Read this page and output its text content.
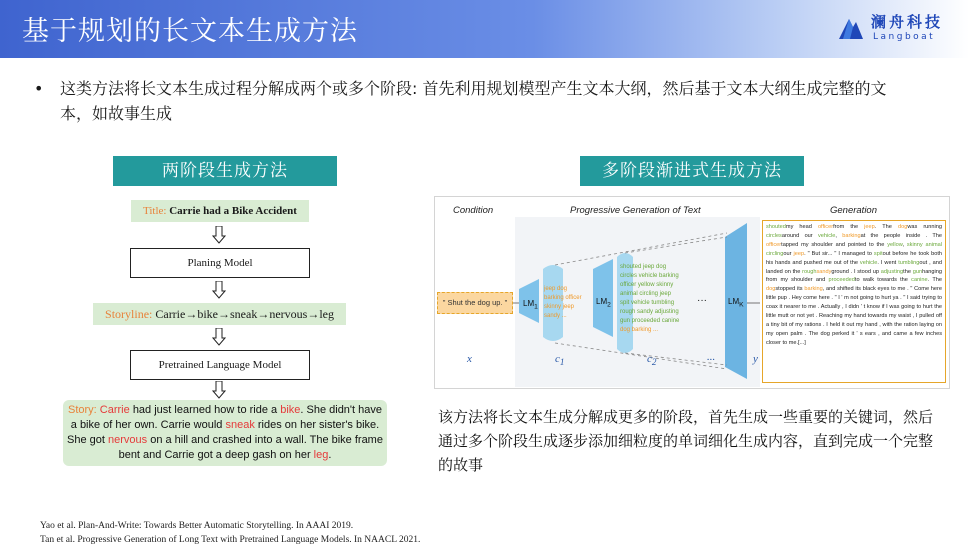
基于规划的长文本生成方法	澜舟科技
Langboat
•	这类方法将长文本生成过程分解成两个或多个阶段: 首先利用规划模型产生文本大纲，然后基于文本大纲生成完整的文本，如故事生成
两阶段生成方法
Title: Carrie had a Bike Accident
Planing Model
Storyline: Carrie→bike→sneak→nervous→leg
Pretrained Language Model
Story: Carrie had just learned how to ride a bike. She didn't have a bike of her own. Carrie would sneak rides on her sister's bike. She got nervous on a hill and crashed into a wall. The bike frame bent and Carrie got a deep gash on her leg.
多阶段渐进式生成方法
Condition	Progressive Generation of Text	Generation
" Shut the dog up. "	$LM_1$
$LM_2$	$LM_K$
···
jeep dog
barking officer
skinny jeep
sandy ...
shouted jeep dog
circles vehicle barking
officer yellow skinny
animal circling jeep
spit vehicle tumbling
rough sandy adjusting
gun proceeded canine
dog barking ...
x	$c_1$	$c_2$	...	y
shoutedmy head officerfrom the jeep. The dogwas running circlesaround our vehicle, barkingat the people inside . The officertapped my shoulder and pointed to the yellow, skinny animal circlingour jeep. " But sir... " I managed to spitout before he took both his hands and pushed me out of the vehicle. I went tumblingout , and landed on the roughsandyground . I stood up adjustingthe gunhanging from my shoulder and proceededto walk towards the canine. The dogstopped its barking, and shifted its black eyes to me . " Come here little pup . Hey come here . " I ' m not going to hurt ya . " I said trying to coax it nearer to me . Actually , I didn ' t know if I was going to hurt the little mutt or not yet . Reaching my hand towards my waist , I pulled off a tiny bit of my rations . I held it out my hand , with the ration laying on my open palm . The dog perked it ' s ears , and came a few inches closer to me.[...]
该方法将长文本生成分解成更多的阶段，首先生成一些重要的关键词，然后通过多个阶段生成逐步添加细粒度的单词细化生成内容，直到完成一个完整的故事
Yao et al. Plan-And-Write: Towards Better Automatic Storytelling. In AAAI 2019.
Tan et al. Progressive Generation of Long Text with Pretrained Language Models. In NAACL 2021.
